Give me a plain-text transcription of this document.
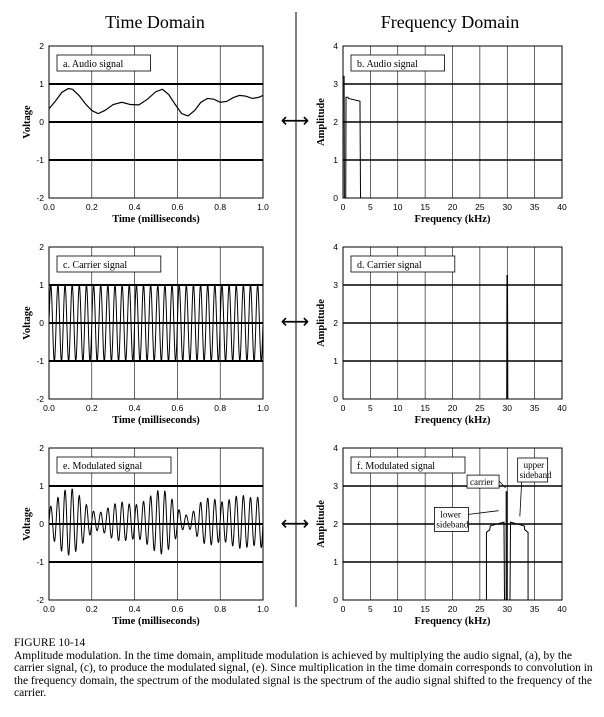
Time Domain	Frequency Domain
⟷
⟷
⟷
0.0	0.2	0.4	0.6	0.8	1.0
2
1
0
-1
-2
Time (milliseconds)
Voltage
a. Audio signal
0	5 10 15 20 25 30 35 40
4
3
2
1
0
Frequency (kHz)
Amplitude
b. Audio signal
0.0	0.2	0.4	0.6	0.8	1.0
2
1
0
-1
-2
Time (milliseconds)
Voltage
c. Carrier signal
0	5 10 15 20 25 30 35 40
4
3
2
1
0
Frequency (kHz)
Amplitude
d. Carrier signal
0.0	0.2	0.4	0.6	0.8	1.0
2
1
0
-1
-2
Time (milliseconds)
Voltage
e. Modulated signal
0	5 10 15 20 25 30 35 40
4
3
2
1
0
Frequency (kHz)
Amplitude
f. Modulated signal
carrier
upper
sideband
lower
sideband
FIGURE 10-14
Amplitude modulation. In the time domain, amplitude modulation is achieved by multiplying the audio signal, (a), by the carrier signal, (c), to produce the modulated signal, (e). Since multiplication in the time domain corresponds to convolution in the frequency domain, the spectrum of the modulated signal is the spectrum of the audio signal shifted to the frequency of the carrier.
